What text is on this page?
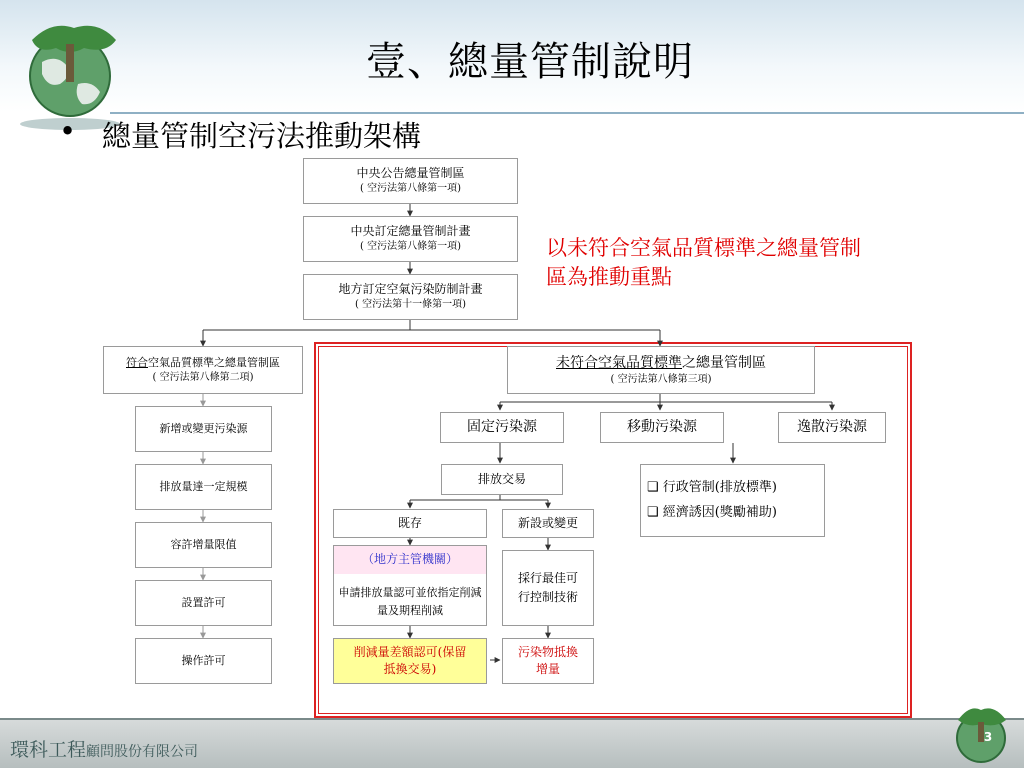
壹、總量管制說明
• 總量管制空污法推動架構
以未符合空氣品質標準之總量管制區為推動重點
中央公告總量管制區
( 空污法第八條第一項)
中央訂定總量管制計畫
( 空污法第八條第一項)
地方訂定空氣污染防制計畫
( 空污法第十一條第一項)
符合空氣品質標準之總量管制區
( 空污法第八條第二項)
新增或變更污染源
排放量達一定規模
容許增量限值
設置許可
操作許可
未符合空氣品質標準之總量管制區
( 空污法第八條第三項)
固定污染源	移動污染源	逸散污染源
排放交易
❑ 行政管制(排放標準)
❑ 經濟誘因(獎勵補助)
既存	新設或變更
（地方主管機關）
申請排放量認可並依指定削減量及期程削減
採行最佳可行控制技術
削減量差額認可(保留抵換交易)
污染物抵換增量
環科工程顧問股份有限公司
3
